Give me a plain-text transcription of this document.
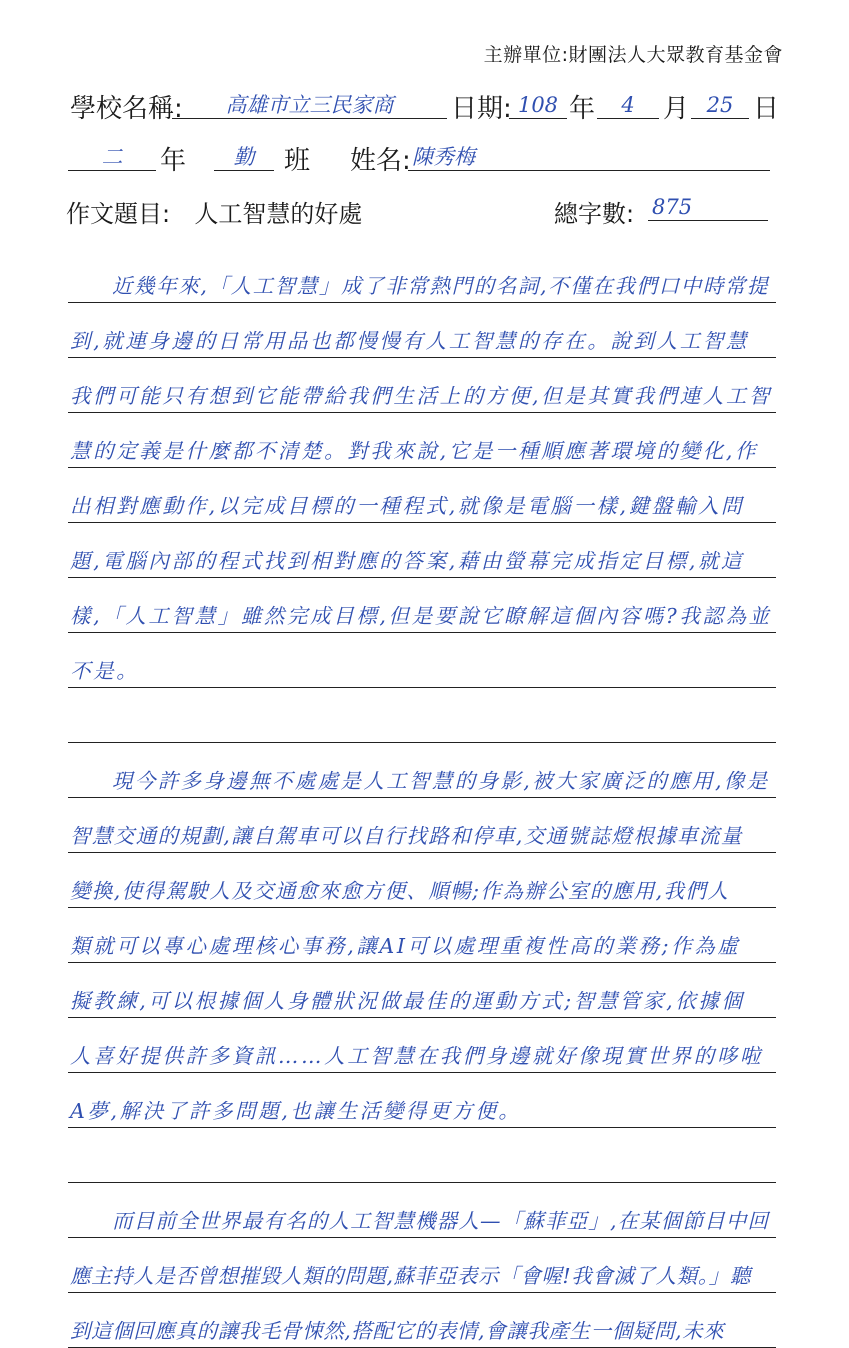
主辦單位:財團法人大眾教育基金會
學校名稱: 高雄市立三民家商 日期: 108 年 4 月 25 日
二 年 勤 班 姓名: 陳秀梅
作文題目: 人工智慧的好處	總字數: 875
近幾年來,「人工智慧」成了非常熱門的名詞,不僅在我們口中時常提
到,就連身邊的日常用品也都慢慢有人工智慧的存在。說到人工智慧
我們可能只有想到它能帶給我們生活上的方便,但是其實我們連人工智
慧的定義是什麼都不清楚。對我來說,它是一種順應著環境的變化,作
出相對應動作,以完成目標的一種程式,就像是電腦一樣,鍵盤輸入問
題,電腦內部的程式找到相對應的答案,藉由螢幕完成指定目標,就這
樣,「人工智慧」雖然完成目標,但是要說它瞭解這個內容嗎?我認為並
不是。
現今許多身邊無不處處是人工智慧的身影,被大家廣泛的應用,像是
智慧交通的規劃,讓自駕車可以自行找路和停車,交通號誌燈根據車流量
變換,使得駕駛人及交通愈來愈方便、順暢;作為辦公室的應用,我們人
類就可以專心處理核心事務,讓AI可以處理重複性高的業務;作為虛
擬教練,可以根據個人身體狀況做最佳的運動方式;智慧管家,依據個
人喜好提供許多資訊……人工智慧在我們身邊就好像現實世界的哆啦
A夢,解決了許多問題,也讓生活變得更方便。
而目前全世界最有名的人工智慧機器人—「蘇菲亞」,在某個節目中回
應主持人是否曾想摧毀人類的問題,蘇菲亞表示「會喔!我會滅了人類。」聽
到這個回應真的讓我毛骨悚然,搭配它的表情,會讓我產生一個疑問,未來
